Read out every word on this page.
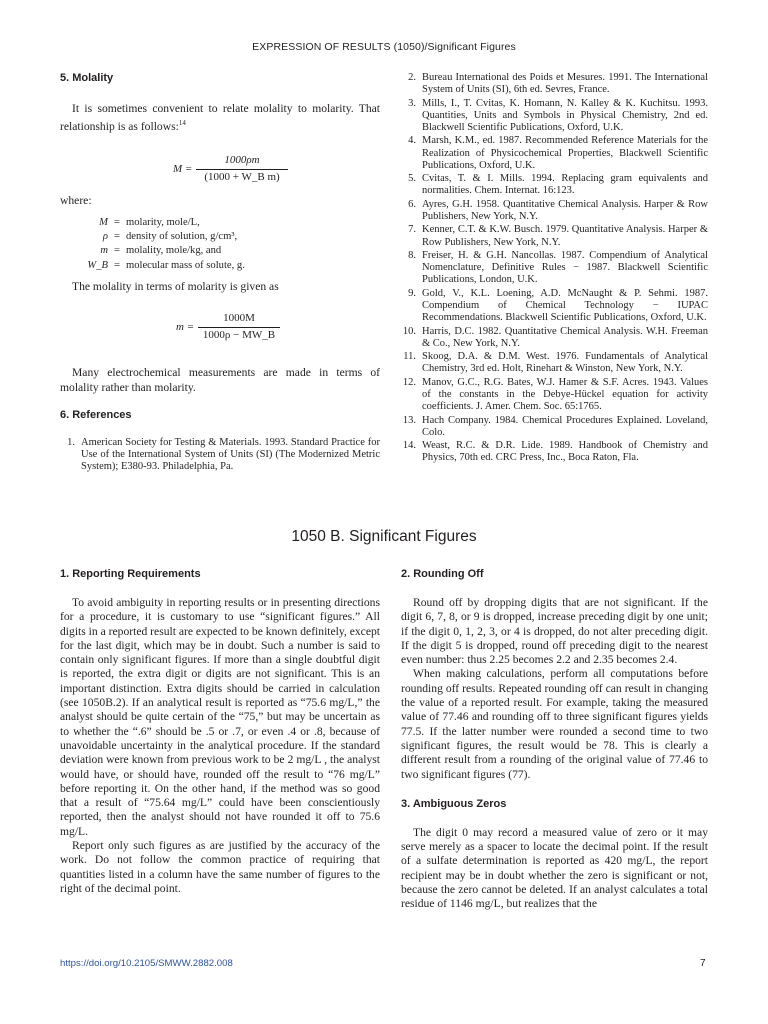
EXPRESSION OF RESULTS (1050)/Significant Figures
5. Molality

It is sometimes convenient to relate molality to molarity. That relationship is as follows:$^{14}$

M =
1000ρm
(1000 + W_B m)

where:

M = molarity, mole/L,
ρ = density of solution, g/cm³,
m = molality, mole/kg, and
W_B = molecular mass of solute, g.

The molality in terms of molarity is given as

m =
1000M
1000ρ − MW_B

Many electrochemical measurements are made in terms of molality rather than molarity.

6. References
1. American Society for Testing & Materials. 1993. Standard Practice for Use of the International System of Units (SI) (The Modernized Metric System); E380-93. Philadelphia, Pa.
2. Bureau International des Poids et Mesures. 1991. The International System of Units (SI), 6th ed. Sevres, France.
3. Mills, I., T. Cvitas, K. Homann, N. Kalley & K. Kuchitsu. 1993. Quantities, Units and Symbols in Physical Chemistry, 2nd ed. Blackwell Scientific Publications, Oxford, U.K.
4. Marsh, K.M., ed. 1987. Recommended Reference Materials for the Realization of Physicochemical Properties, Blackwell Scientific Publications, Oxford, U.K.
5. Cvitas, T. & I. Mills. 1994. Replacing gram equivalents and normalities. Chem. Internat. 16:123.
6. Ayres, G.H. 1958. Quantitative Chemical Analysis. Harper & Row Publishers, New York, N.Y.
7. Kenner, C.T. & K.W. Busch. 1979. Quantitative Analysis. Harper & Row Publishers, New York, N.Y.
8. Freiser, H. & G.H. Nancollas. 1987. Compendium of Analytical Nomenclature, Definitive Rules − 1987. Blackwell Scientific Publications, London, U.K.
9. Gold, V., K.L. Loening, A.D. McNaught & P. Sehmi. 1987. Compendium of Chemical Technology − IUPAC Recommendations. Blackwell Scientific Publications, Oxford, U.K.
10. Harris, D.C. 1982. Quantitative Chemical Analysis. W.H. Freeman & Co., New York, N.Y.
11. Skoog, D.A. & D.M. West. 1976. Fundamentals of Analytical Chemistry, 3rd ed. Holt, Rinehart & Winston, New York, N.Y.
12. Manov, G.C., R.G. Bates, W.J. Hamer & S.F. Acres. 1943. Values of the constants in the Debye-Hückel equation for activity coefficients. J. Amer. Chem. Soc. 65:1765.
13. Hach Company. 1984. Chemical Procedures Explained. Loveland, Colo.
14. Weast, R.C. & D.R. Lide. 1989. Handbook of Chemistry and Physics, 70th ed. CRC Press, Inc., Boca Raton, Fla.
1050 B. Significant Figures
1. Reporting Requirements

To avoid ambiguity in reporting results or in presenting directions for a procedure, it is customary to use “significant figures.” All digits in a reported result are expected to be known definitely, except for the last digit, which may be in doubt. Such a number is said to contain only significant figures. If more than a single doubtful digit is reported, the extra digit or digits are not significant. This is an important distinction. Extra digits should be carried in calculation (see 1050B.2). If an analytical result is reported as “75.6 mg/L,” the analyst should be quite certain of the “75,” but may be uncertain as to whether the “.6” should be .5 or .7, or even .4 or .8, because of unavoidable uncertainty in the analytical procedure. If the standard deviation were known from previous work to be 2 mg/L , the analyst would have, or should have, rounded off the result to “76 mg/L” before reporting it. On the other hand, if the method was so good that a result of “75.64 mg/L” could have been conscientiously reported, then the analyst should not have rounded it off to 75.6 mg/L.

Report only such figures as are justified by the accuracy of the work. Do not follow the common practice of requiring that quantities listed in a column have the same number of figures to the right of the decimal point.

2. Rounding Off

Round off by dropping digits that are not significant. If the digit 6, 7, 8, or 9 is dropped, increase preceding digit by one unit; if the digit 0, 1, 2, 3, or 4 is dropped, do not alter preceding digit. If the digit 5 is dropped, round off preceding digit to the nearest even number: thus 2.25 becomes 2.2 and 2.35 becomes 2.4.

When making calculations, perform all computations before rounding off results. Repeated rounding off can result in changing the value of a reported result. For example, taking the measured value of 77.46 and rounding off to three significant figures yields 77.5. If the latter number were rounded a second time to two significant figures, the result would be 78. This is clearly a different result from a rounding of the original value of 77.46 to two significant figures (77).

3. Ambiguous Zeros

The digit 0 may record a measured value of zero or it may serve merely as a spacer to locate the decimal point. If the result of a sulfate determination is reported as 420 mg/L, the report recipient may be in doubt whether the zero is significant or not, because the zero cannot be deleted. If an analyst calculates a total residue of 1146 mg/L, but realizes that the

https://doi.org/10.2105/SMWW.2882.008	7
